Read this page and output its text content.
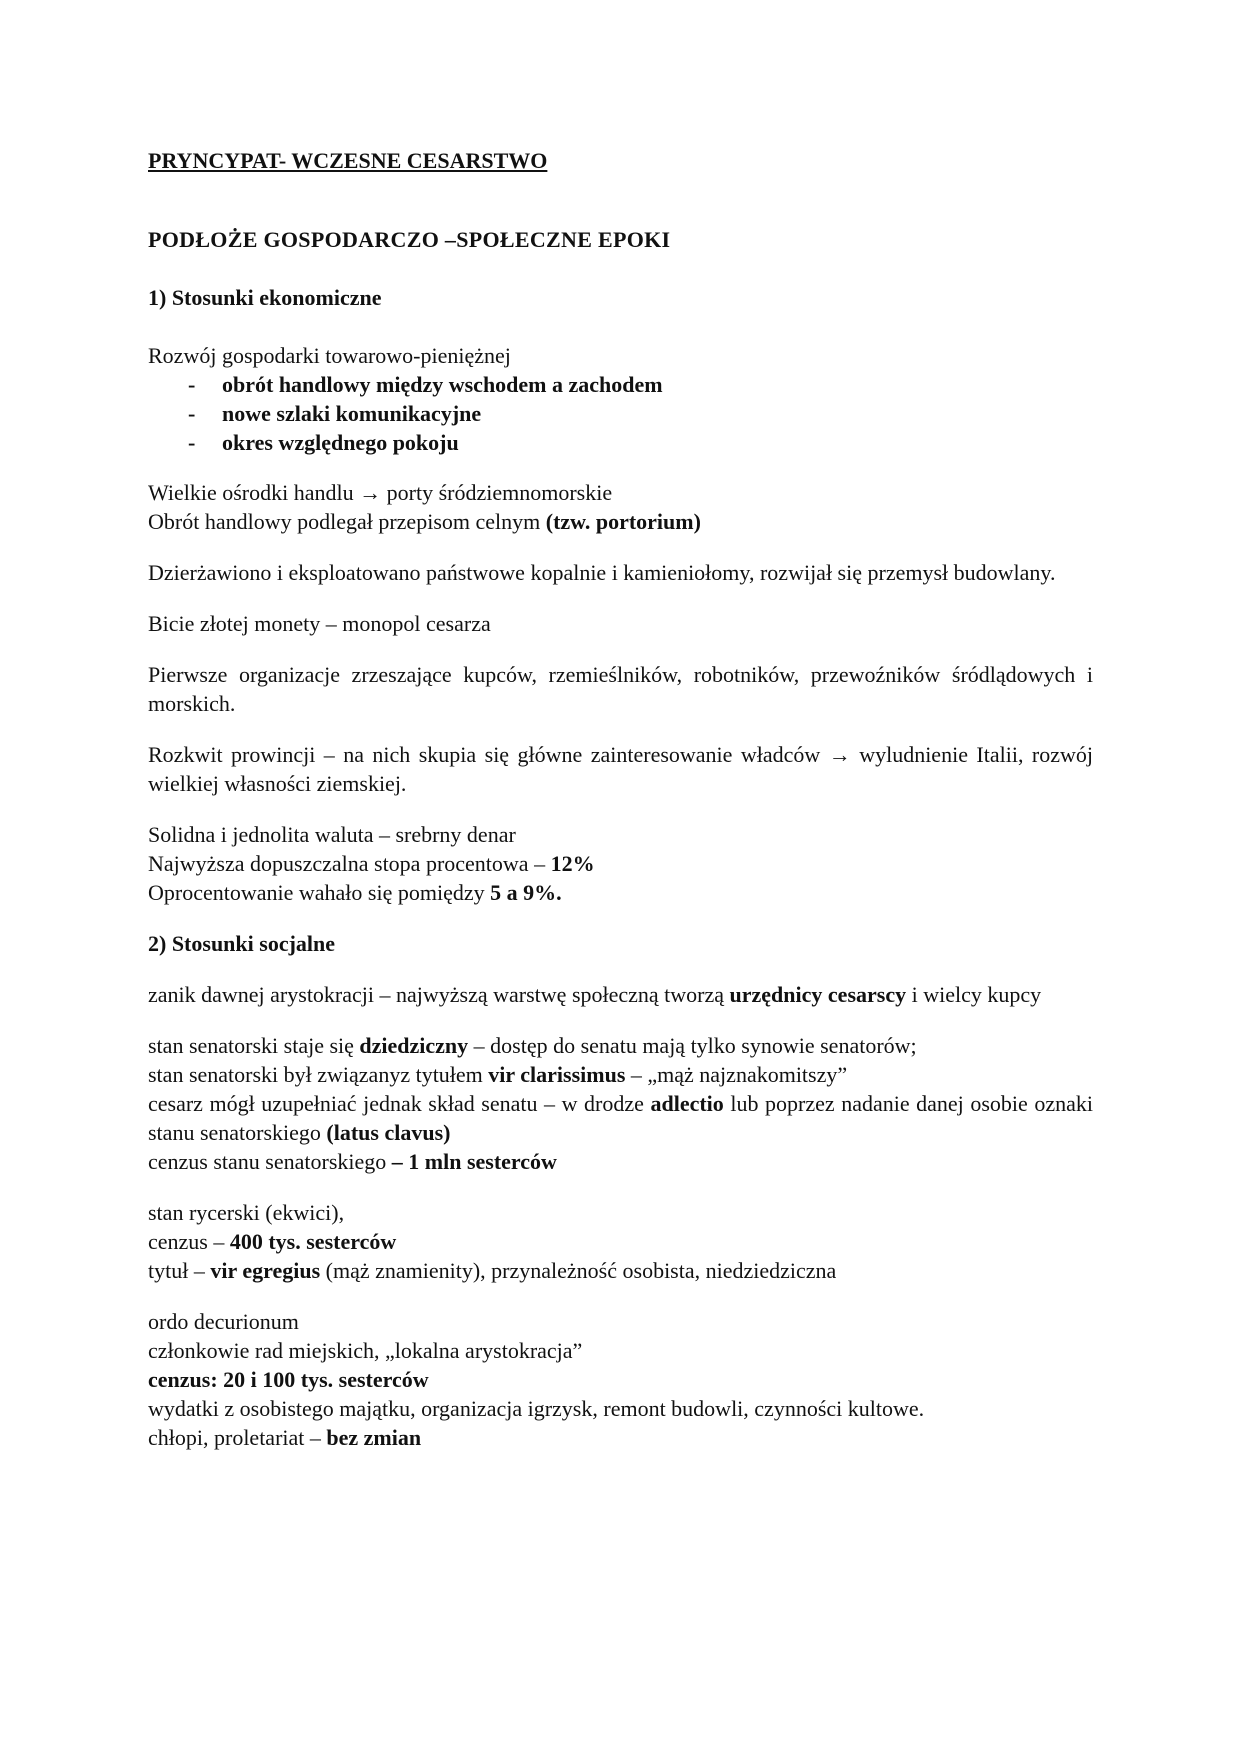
PRYNCYPAT- WCZESNE CESARSTWO

PODŁOŻE GOSPODARCZO –SPOŁECZNE EPOKI

1) Stosunki ekonomiczne

Rozwój gospodarki towarowo-pieniężnej

- obrót handlowy między wschodem a zachodem
- nowe szlaki komunikacyjne
- okres względnego pokoju

Wielkie ośrodki handlu → porty śródziemnomorskie

Obrót handlowy podlegał przepisom celnym (tzw. portorium)

Dzierżawiono i eksploatowano państwowe kopalnie i kamieniołomy, rozwijał się przemysł budowlany.

Bicie złotej monety – monopol cesarza

Pierwsze organizacje zrzeszające kupców, rzemieślników, robotników, przewoźników śródlądowych i morskich.

Rozkwit prowincji – na nich skupia się główne zainteresowanie władców → wyludnienie Italii, rozwój wielkiej własności ziemskiej.

Solidna i jednolita waluta – srebrny denar

Najwyższa dopuszczalna stopa procentowa – 12%

Oprocentowanie wahało się pomiędzy 5 a 9%.

2) Stosunki socjalne

zanik dawnej arystokracji – najwyższą warstwę społeczną tworzą urzędnicy cesarscy i wielcy kupcy

stan senatorski staje się dziedziczny – dostęp do senatu mają tylko synowie senatorów;

stan senatorski był związanyz tytułem vir clarissimus – „mąż najznakomitszy”

cesarz mógł uzupełniać jednak skład senatu – w drodze adlectio lub poprzez nadanie danej osobie oznaki stanu senatorskiego (latus clavus)

cenzus stanu senatorskiego – 1 mln sesterców

stan rycerski (ekwici),

cenzus – 400 tys. sesterców

tytuł – vir egregius (mąż znamienity), przynależność osobista, niedziedziczna

ordo decurionum

członkowie rad miejskich, „lokalna arystokracja”

cenzus: 20 i 100 tys. sesterców

wydatki z osobistego majątku, organizacja igrzysk, remont budowli, czynności kultowe.

chłopi, proletariat – bez zmian
